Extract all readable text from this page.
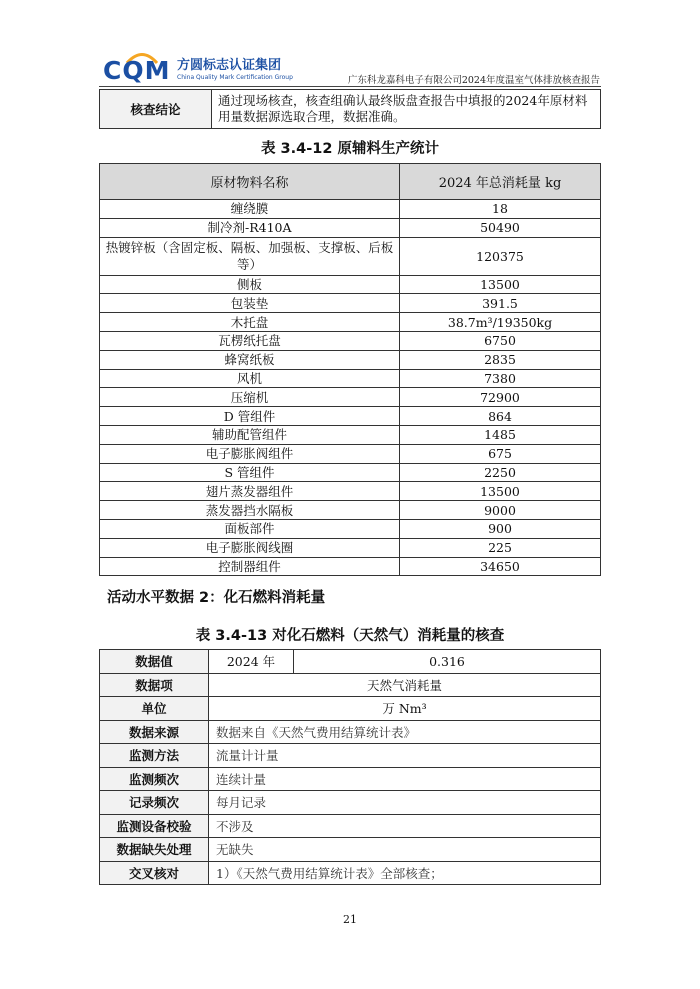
CQM 方圆标志认证集团
China Quality Mark Certification Group	广东科龙嘉科电子有限公司2024年度温室气体排放核查报告
核查结论	通过现场核查，核查组确认最终版盘查报告中填报的2024年原材料用量数据源选取合理，数据准确。
表 3.4-12 原辅料生产统计
原材物料名称	2024 年总消耗量 kg
缠绕膜	18
制冷剂-R410A	50490
热镀锌板（含固定板、隔板、加强板、支撑板、后板等）	120375
侧板	13500
包装垫	391.5
木托盘	38.7m³/19350kg
瓦楞纸托盘	6750
蜂窝纸板	2835
风机	7380
压缩机	72900
D 管组件	864
辅助配管组件	1485
电子膨胀阀组件	675
S 管组件	2250
翅片蒸发器组件	13500
蒸发器挡水隔板	9000
面板部件	900
电子膨胀阀线圈	225
控制器组件	34650
活动水平数据 2：化石燃料消耗量
表 3.4-13 对化石燃料（天然气）消耗量的核查
数据值	2024 年	0.316
数据项	天然气消耗量	
单位	万 Nm³	
数据来源	数据来自《天然气费用结算统计表》	
监测方法	流量计计量	
监测频次	连续计量	
记录频次	每月记录	
监测设备校验	不涉及	
数据缺失处理	无缺失	
交叉核对	1）《天然气费用结算统计表》全部核查；	
21
